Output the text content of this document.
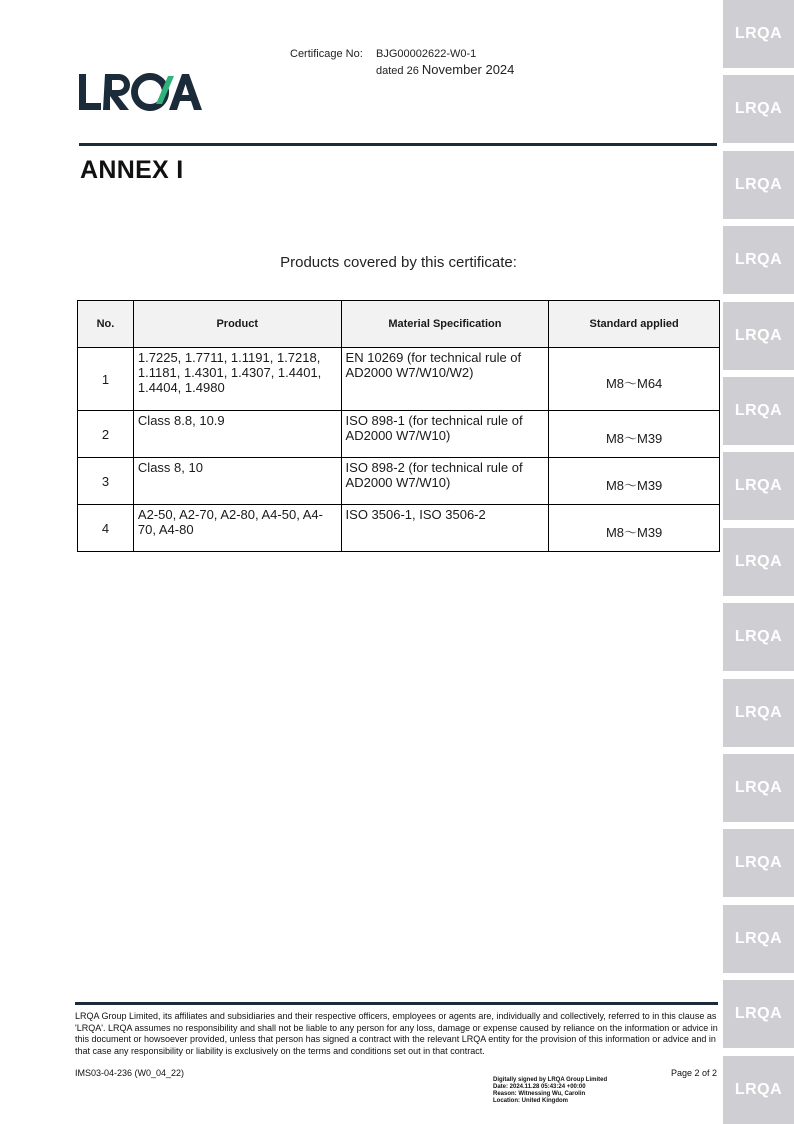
LRQA
LRQA
LRQA
LRQA
LRQA
LRQA
LRQA
LRQA
LRQA
LRQA
LRQA
LRQA
LRQA
LRQA
LRQA
Certificage No: BJG00002622-W0-1
dated 26 November 2024
ANNEX I
Products covered by this certificate:
No.	Product	Material Specification	Standard applied
1	1.7225, 1.7711, 1.1191, 1.7218, 1.1181, 1.4301, 1.4307, 1.4401, 1.4404, 1.4980	EN 10269 (for technical rule of AD2000 W7/W10/W2)	M8～M64
2	Class 8.8, 10.9	ISO 898-1 (for technical rule of AD2000 W7/W10)	M8～M39
3	Class 8, 10	ISO 898-2 (for technical rule of AD2000 W7/W10)	M8～M39
4	A2-50, A2-70, A2-80, A4-50, A4-70, A4-80	ISO 3506-1, ISO 3506-2	M8～M39
LRQA Group Limited, its affiliates and subsidiaries and their respective officers, employees or agents are, individually and collectively, referred to in this clause as 'LRQA'. LRQA assumes no responsibility and shall not be liable to any person for any loss, damage or expense caused by reliance on the information or advice in this document or howsoever provided, unless that person has signed a contract with the relevant LRQA entity for the provision of this information or advice and in that case any responsibility or liability is exclusively on the terms and conditions set out in that contract.
IMS03-04-236 (W0_04_22)	Page 2 of 2
Digitally signed by LRQA Group Limited
Date: 2024.11.28 05:43:24 +00:00
Reason: Witnessing Wu, Carolin
Location: United Kingdom
